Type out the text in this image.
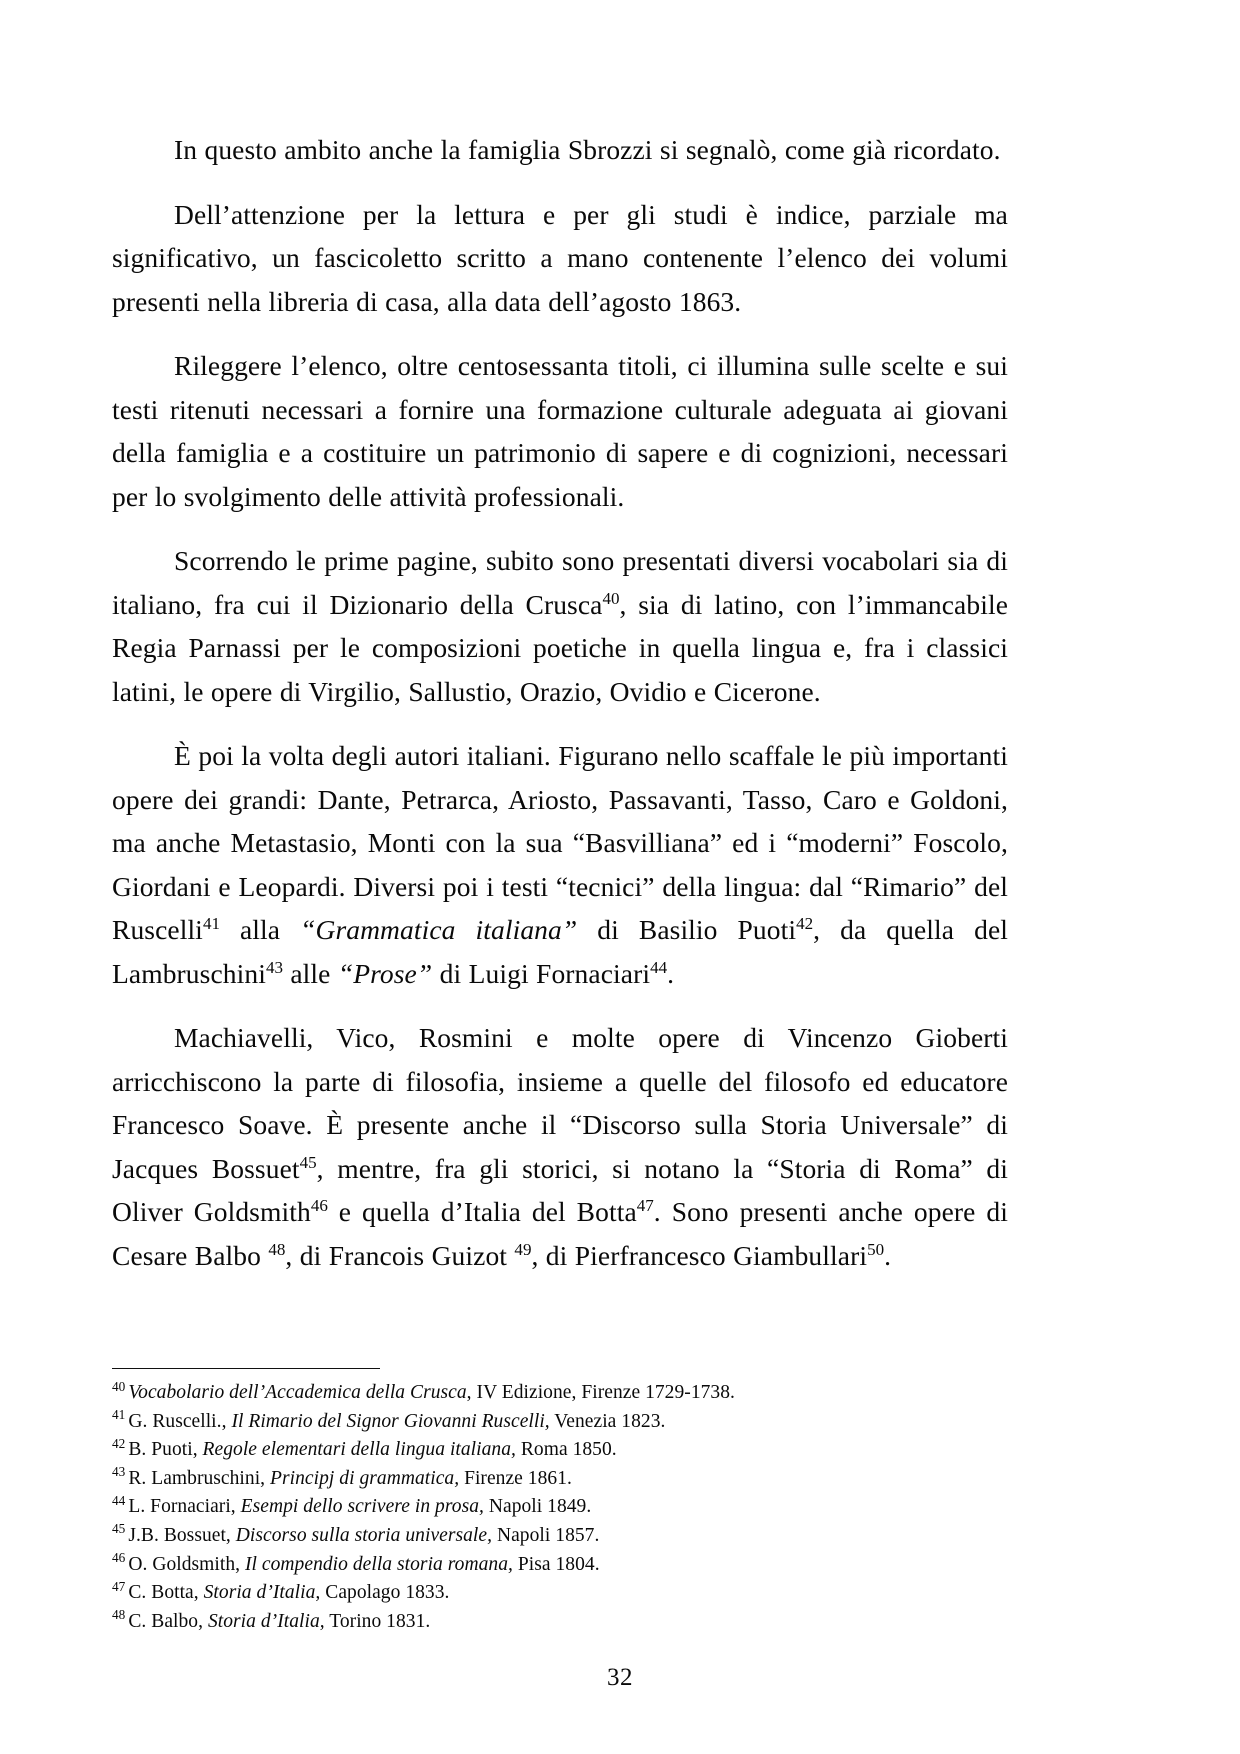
In questo ambito anche la famiglia Sbrozzi si segnalò, come già ricordato.

Dell’attenzione per la lettura e per gli studi è indice, parziale ma significativo, un fascicoletto scritto a mano contenente l’elenco dei volumi presenti nella libreria di casa, alla data dell’agosto 1863.

Rileggere l’elenco, oltre centosessanta titoli, ci illumina sulle scelte e sui testi ritenuti necessari a fornire una formazione culturale adeguata ai giovani della famiglia e a costituire un patrimonio di sapere e di cognizioni, necessari per lo svolgimento delle attività professionali.

Scorrendo le prime pagine, subito sono presentati diversi vocabolari sia di italiano, fra cui il Dizionario della Crusca$^{40}$, sia di latino, con l’immancabile Regia Parnassi per le composizioni poetiche in quella lingua e, fra i classici latini, le opere di Virgilio, Sallustio, Orazio, Ovidio e Cicerone.

È poi la volta degli autori italiani. Figurano nello scaffale le più importanti opere dei grandi: Dante, Petrarca, Ariosto, Passavanti, Tasso, Caro e Goldoni, ma anche Metastasio, Monti con la sua “Basvilliana” ed i “moderni” Foscolo, Giordani e Leopardi. Diversi poi i testi “tecnici” della lingua: dal “Rimario” del Ruscelli$^{41}$ alla “Grammatica italiana” di Basilio Puoti$^{42}$, da quella del Lambruschini$^{43}$ alle “Prose” di Luigi Fornaciari$^{44}$.

Machiavelli, Vico, Rosmini e molte opere di Vincenzo Gioberti arricchiscono la parte di filosofia, insieme a quelle del filosofo ed educatore Francesco Soave. È presente anche il “Discorso sulla Storia Universale” di Jacques Bossuet$^{45}$, mentre, fra gli storici, si notano la “Storia di Roma” di Oliver Goldsmith$^{46}$ e quella d’Italia del Botta$^{47}$. Sono presenti anche opere di Cesare Balbo $^{48}$, di Francois Guizot $^{49}$, di Pierfrancesco Giambullari$^{50}$.

$^{40}$ Vocabolario dell’Accademica della Crusca, IV Edizione, Firenze 1729-1738.
$^{41}$ G. Ruscelli., Il Rimario del Signor Giovanni Ruscelli, Venezia 1823.
$^{42}$ B. Puoti, Regole elementari della lingua italiana, Roma 1850.
$^{43}$ R. Lambruschini, Principj di grammatica, Firenze 1861.
$^{44}$ L. Fornaciari, Esempi dello scrivere in prosa, Napoli 1849.
$^{45}$ J.B. Bossuet, Discorso sulla storia universale, Napoli 1857.
$^{46}$ O. Goldsmith, Il compendio della storia romana, Pisa 1804.
$^{47}$ C. Botta, Storia d’Italia, Capolago 1833.
$^{48}$ C. Balbo, Storia d’Italia, Torino 1831.
32
